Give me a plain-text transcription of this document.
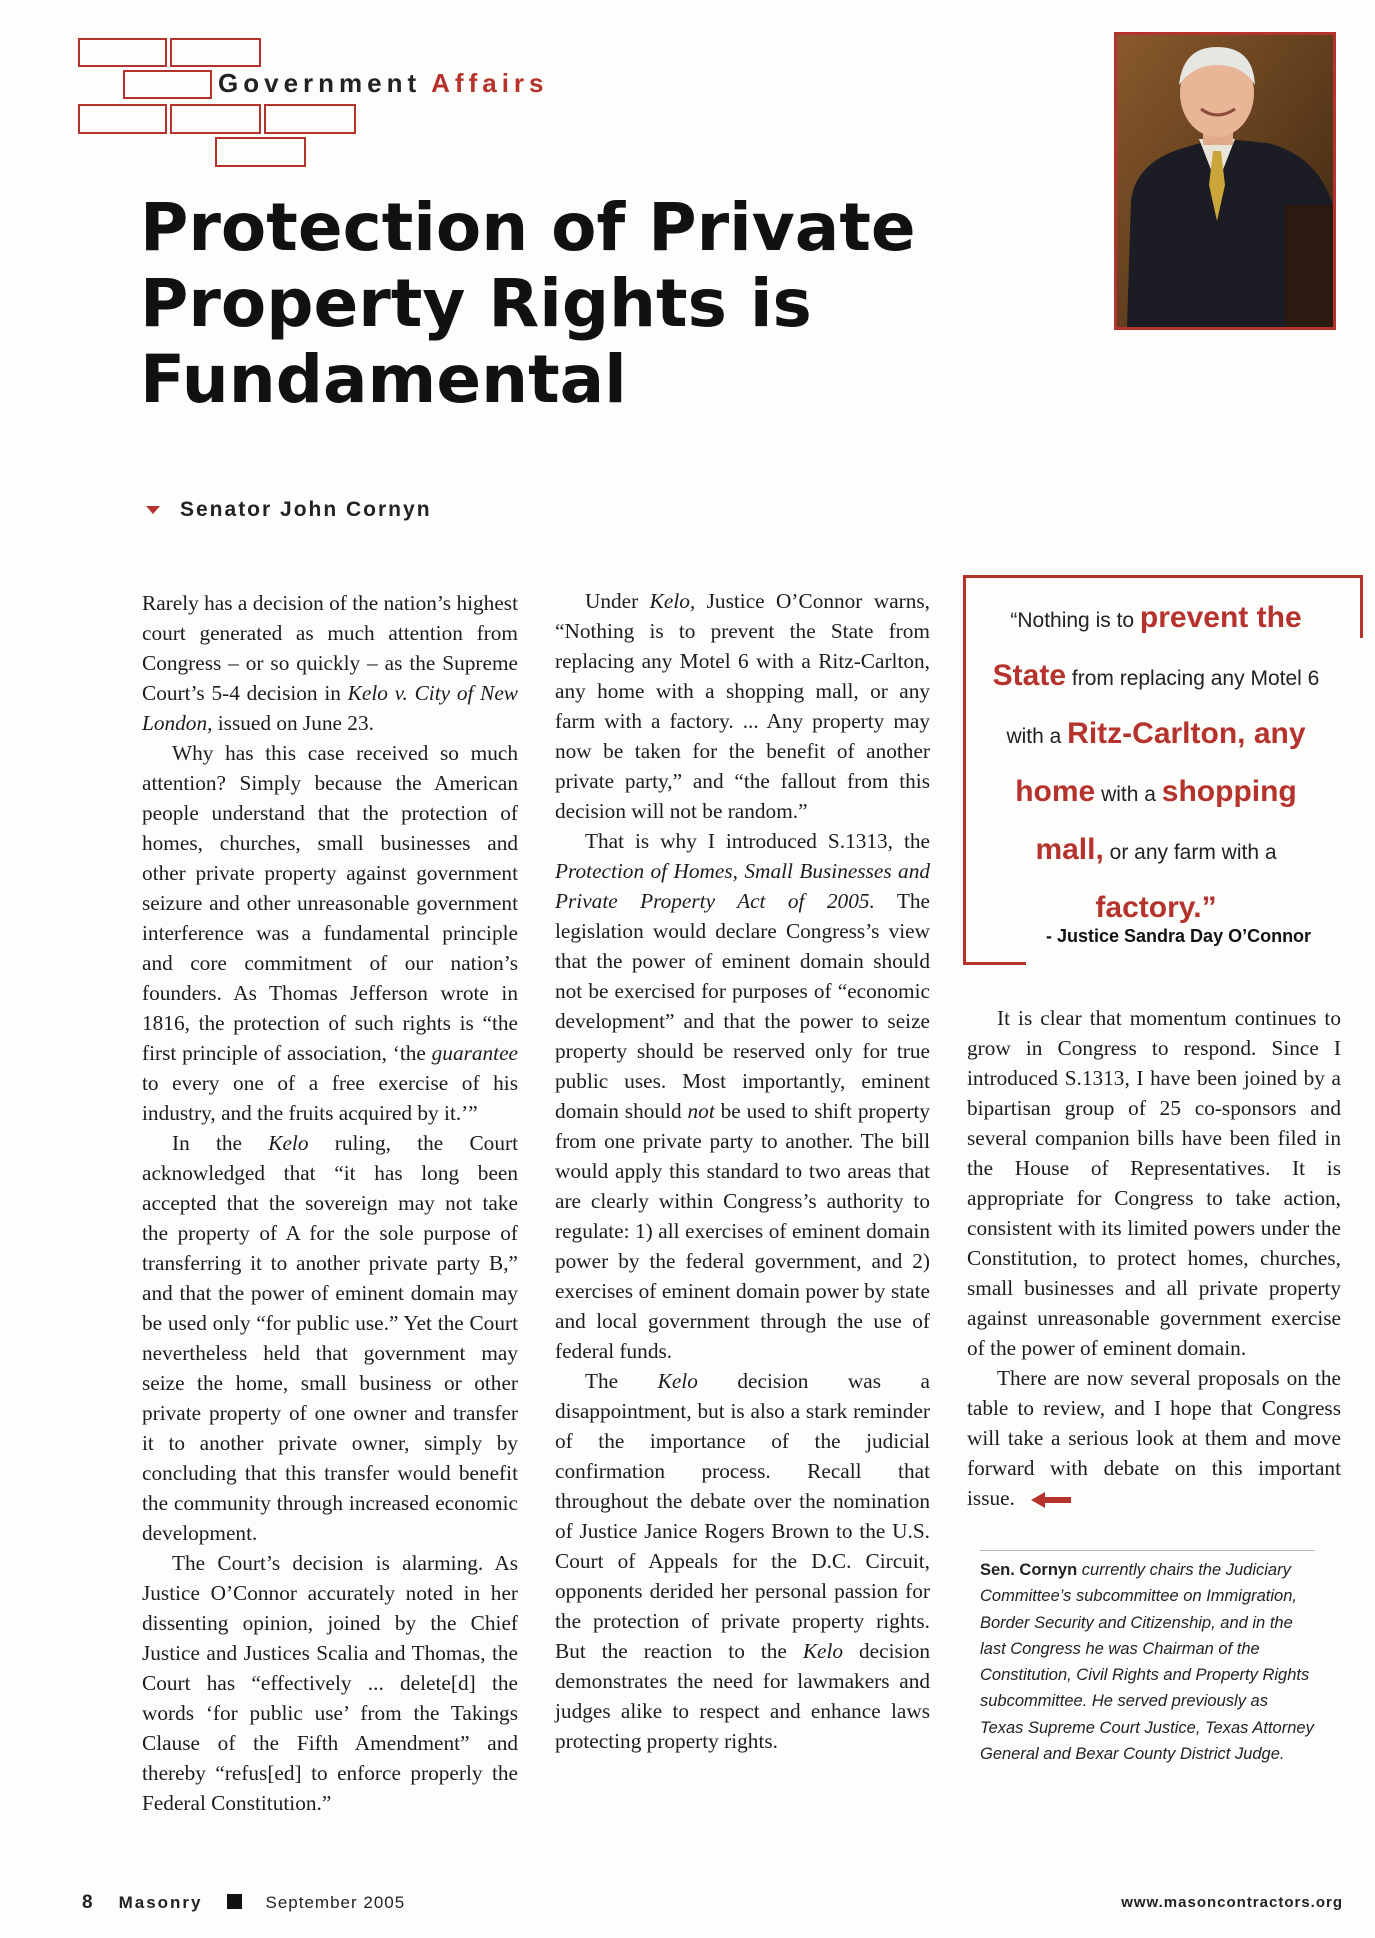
Government Affairs
Protection of Private
Property Rights is
Fundamental
Senator John Cornyn

Rarely has a decision of the nation’s highest court generated as much attention from Congress – or so quickly – as the Supreme Court’s 5-4 decision in Kelo v. City of New London, issued on June 23.

Why has this case received so much attention? Simply because the American people understand that the protection of homes, churches, small businesses and other private property against government seizure and other unreasonable government interference was a fundamental principle and core commitment of our nation’s founders. As Thomas Jefferson wrote in 1816, the protection of such rights is “the first principle of association, ‘the guarantee to every one of a free exercise of his industry, and the fruits acquired by it.’”

In the Kelo ruling, the Court acknowledged that “it has long been accepted that the sovereign may not take the property of A for the sole purpose of transferring it to another private party B,” and that the power of eminent domain may be used only “for public use.” Yet the Court nevertheless held that government may seize the home, small business or other private property of one owner and transfer it to another private owner, simply by concluding that this transfer would benefit the community through increased economic development.

The Court’s decision is alarming. As Justice O’Connor accurately noted in her dissenting opinion, joined by the Chief Justice and Justices Scalia and Thomas, the Court has “effectively ... delete[d] the words ‘for public use’ from the Takings Clause of the Fifth Amendment” and thereby “refus[ed] to enforce properly the Federal Constitution.”

Under Kelo, Justice O’Connor warns, “Nothing is to prevent the State from replacing any Motel 6 with a Ritz-Carlton, any home with a shopping mall, or any farm with a factory. ... Any property may now be taken for the benefit of another private party,” and “the fallout from this decision will not be random.”

That is why I introduced S.1313, the Protection of Homes, Small Businesses and Private Property Act of 2005. The legislation would declare Congress’s view that the power of eminent domain should not be exercised for purposes of “economic development” and that the power to seize property should be reserved only for true public uses. Most importantly, eminent domain should not be used to shift property from one private party to another. The bill would apply this standard to two areas that are clearly within Congress’s authority to regulate: 1) all exercises of eminent domain power by the federal government, and 2) exercises of eminent domain power by state and local government through the use of federal funds.

The Kelo decision was a disappointment, but is also a stark reminder of the importance of the judicial confirmation process. Recall that throughout the debate over the nomination of Justice Janice Rogers Brown to the U.S. Court of Appeals for the D.C. Circuit, opponents derided her personal passion for the protection of private property rights. But the reaction to the Kelo decision demonstrates the need for lawmakers and judges alike to respect and enhance laws protecting property rights.

“Nothing is to prevent the State from replacing any Motel 6 with a Ritz-Carlton, any home with a shopping mall, or any farm with a factory.”
- Justice Sandra Day O’Connor

It is clear that momentum continues to grow in Congress to respond. Since I introduced S.1313, I have been joined by a bipartisan group of 25 co-sponsors and several companion bills have been filed in the House of Representatives. It is appropriate for Congress to take action, consistent with its limited powers under the Constitution, to protect homes, churches, small businesses and all private property against unreasonable government exercise of the power of eminent domain.

There are now several proposals on the table to review, and I hope that Congress will take a serious look at them and move forward with debate on this important issue.

Sen. Cornyn currently chairs the Judiciary Committee’s subcommittee on Immigration, Border Security and Citizenship, and in the last Congress he was Chairman of the Constitution, Civil Rights and Property Rights subcommittee. He served previously as Texas Supreme Court Justice, Texas Attorney General and Bexar County District Judge.
8 Masonry	September 2005	www.masoncontractors.org
